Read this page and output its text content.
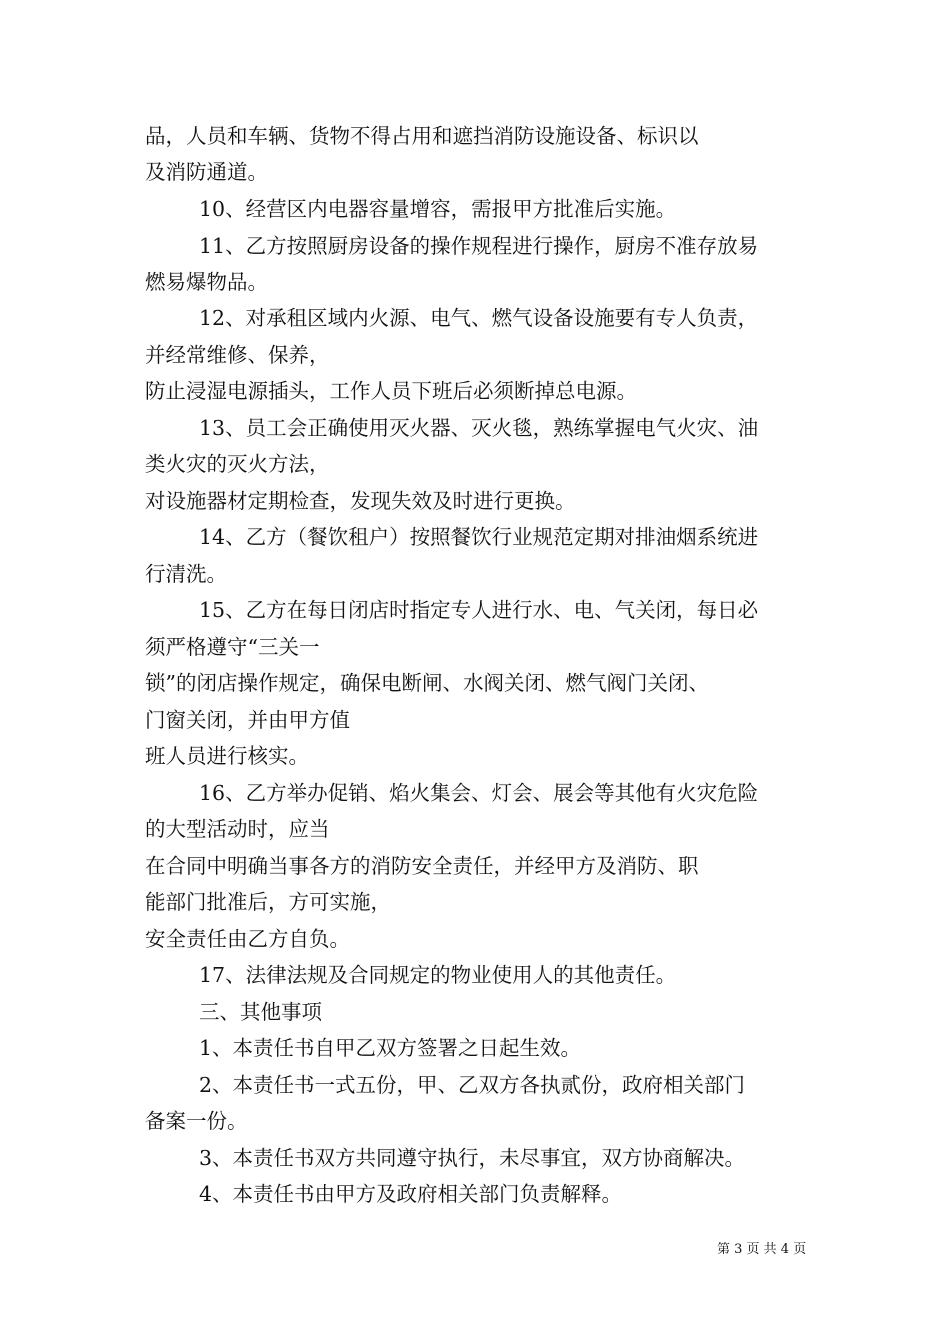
品，人员和车辆、货物不得占用和遮挡消防设施设备、标识以
及消防通道。
10、经营区内电器容量增容，需报甲方批准后实施。
11、乙方按照厨房设备的操作规程进行操作，厨房不准存放易
燃易爆物品。
12、对承租区域内火源、电气、燃气设备设施要有专人负责，
并经常维修、保养，
防止浸湿电源插头，工作人员下班后必须断掉总电源。
13、员工会正确使用灭火器、灭火毯，熟练掌握电气火灾、油
类火灾的灭火方法，
对设施器材定期检查，发现失效及时进行更换。
14、乙方（餐饮租户）按照餐饮行业规范定期对排油烟系统进
行清洗。
15、乙方在每日闭店时指定专人进行水、电、气关闭，每日必
须严格遵守“三关一
锁”的闭店操作规定，确保电断闸、水阀关闭、燃气阀门关闭、
门窗关闭，并由甲方值
班人员进行核实。
16、乙方举办促销、焰火集会、灯会、展会等其他有火灾危险
的大型活动时，应当
在合同中明确当事各方的消防安全责任，并经甲方及消防、职
能部门批准后，方可实施，
安全责任由乙方自负。
17、法律法规及合同规定的物业使用人的其他责任。
三、其他事项
1、本责任书自甲乙双方签署之日起生效。
2、本责任书一式五份，甲、乙双方各执贰份，政府相关部门
备案一份。
3、本责任书双方共同遵守执行，未尽事宜，双方协商解决。
4、本责任书由甲方及政府相关部门负责解释。
第 3 页 共 4 页
